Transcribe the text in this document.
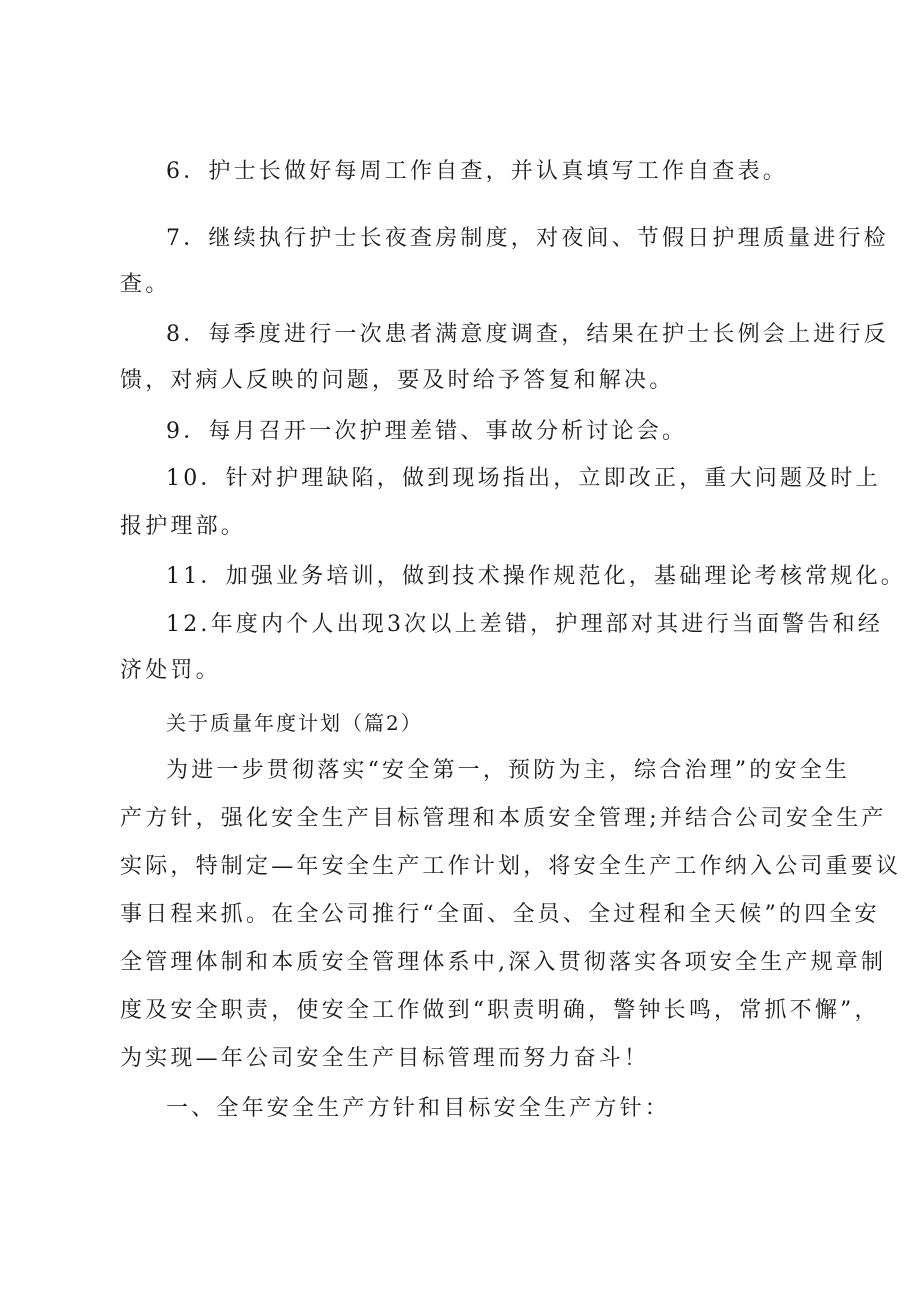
6．护士长做好每周工作自查，并认真填写工作自查表。
7．继续执行护士长夜查房制度，对夜间、节假日护理质量进行检
查。
8．每季度进行一次患者满意度调查，结果在护士长例会上进行反
馈，对病人反映的问题，要及时给予答复和解决。
9．每月召开一次护理差错、事故分析讨论会。
10．针对护理缺陷，做到现场指出，立即改正，重大问题及时上
报护理部。
11．加强业务培训，做到技术操作规范化，基础理论考核常规化。
12.年度内个人出现3次以上差错，护理部对其进行当面警告和经
济处罚。
关于质量年度计划（篇2）
为进一步贯彻落实“安全第一，预防为主，综合治理”的安全生
产方针，强化安全生产目标管理和本质安全管理;并结合公司安全生产
实际，特制定—年安全生产工作计划，将安全生产工作纳入公司重要议
事日程来抓。在全公司推行“全面、全员、全过程和全天候”的四全安
全管理体制和本质安全管理体系中,深入贯彻落实各项安全生产规章制
度及安全职责，使安全工作做到“职责明确，警钟长鸣，常抓不懈”，
为实现—年公司安全生产目标管理而努力奋斗！
一、全年安全生产方针和目标安全生产方针：
